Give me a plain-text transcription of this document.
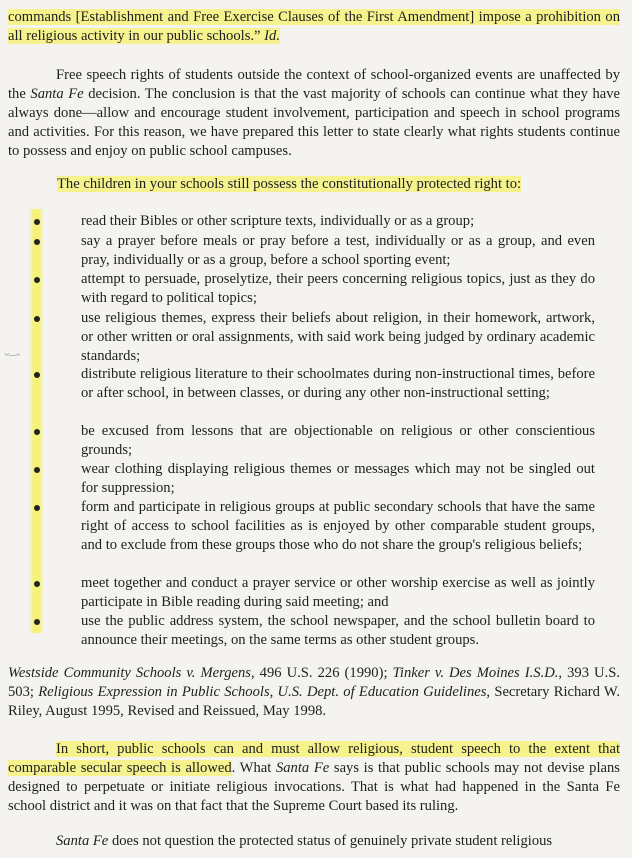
commands [Establishment and Free Exercise Clauses of the First Amendment] impose a prohibition on all religious activity in our public schools.” Id.

Free speech rights of students outside the context of school-organized events are unaffected by the Santa Fe decision. The conclusion is that the vast majority of schools can continue what they have always done—allow and encourage student involvement, participation and speech in school programs and activities. For this reason, we have prepared this letter to state clearly what rights students continue to possess and enjoy on public school campuses.

The children in your schools still possess the constitutionally protected right to:

·-·—·-

read their Bibles or other scripture texts, individually or as a group;

say a prayer before meals or pray before a test, individually or as a group, and even pray, individually or as a group, before a school sporting event;

attempt to persuade, proselytize, their peers concerning religious topics, just as they do with regard to political topics;

use religious themes, express their beliefs about religion, in their homework, artwork, or other written or oral assignments, with said work being judged by ordinary academic standards;

distribute religious literature to their schoolmates during non-instructional times, before or after school, in between classes, or during any other non-instructional setting;

be excused from lessons that are objectionable on religious or other conscientious grounds;

wear clothing displaying religious themes or messages which may not be singled out for suppression;

form and participate in religious groups at public secondary schools that have the same right of access to school facilities as is enjoyed by other comparable student groups, and to exclude from these groups those who do not share the group's religious beliefs;

meet together and conduct a prayer service or other worship exercise as well as jointly participate in Bible reading during said meeting; and

use the public address system, the school newspaper, and the school bulletin board to announce their meetings, on the same terms as other student groups.

Westside Community Schools v. Mergens, 496 U.S. 226 (1990); Tinker v. Des Moines I.S.D., 393 U.S. 503; Religious Expression in Public Schools, U.S. Dept. of Education Guidelines, Secretary Richard W. Riley, August 1995, Revised and Reissued, May 1998.

In short, public schools can and must allow religious, student speech to the extent that comparable secular speech is allowed. What Santa Fe says is that public schools may not devise plans designed to perpetuate or initiate religious invocations. That is what had happened in the Santa Fe school district and it was on that fact that the Supreme Court based its ruling.

Santa Fe does not question the protected status of genuinely private student religious
